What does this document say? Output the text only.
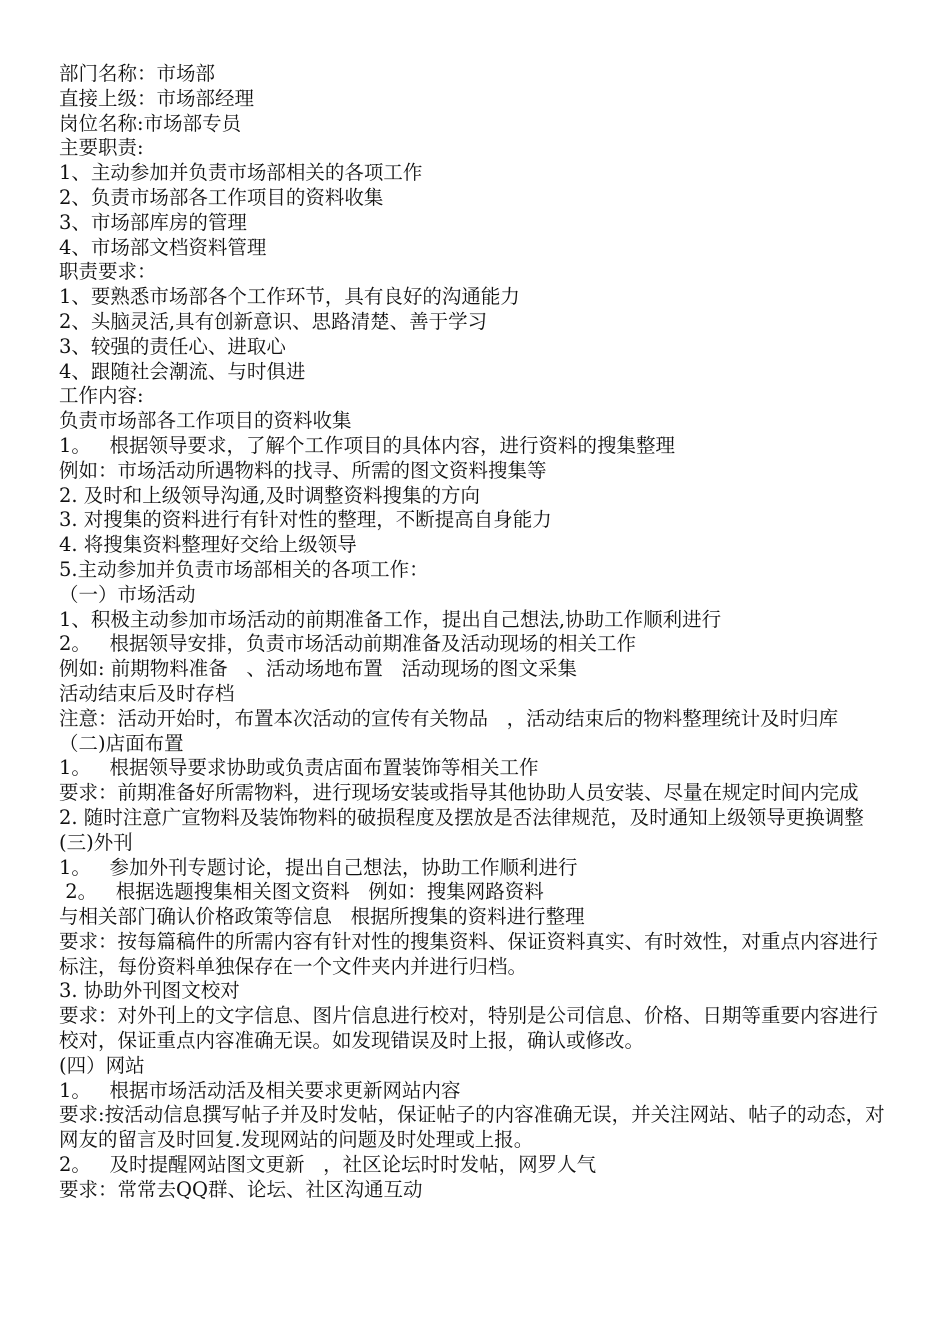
部门名称：市场部

直接上级：市场部经理

岗位名称:市场部专员

主要职责:

1、主动参加并负责市场部相关的各项工作

2、负责市场部各工作项目的资料收集

3、市场部库房的管理

4、市场部文档资料管理

职责要求：

1、要熟悉市场部各个工作环节，具有良好的沟通能力

2、头脑灵活,具有创新意识、思路清楚、善于学习

3、较强的责任心、进取心

4、跟随社会潮流、与时俱进

工作内容:

负责市场部各工作项目的资料收集

1。   根据领导要求，了解个工作项目的具体内容，进行资料的搜集整理

例如：市场活动所遇物料的找寻、所需的图文资料搜集等

2. 及时和上级领导沟通,及时调整资料搜集的方向

3. 对搜集的资料进行有针对性的整理，不断提高自身能力

4. 将搜集资料整理好交给上级领导

5.主动参加并负责市场部相关的各项工作：

（一）市场活动

1、积极主动参加市场活动的前期准备工作，提出自己想法,协助工作顺利进行

2。   根据领导安排，负责市场活动前期准备及活动现场的相关工作

例如: 前期物料准备   、活动场地布置   活动现场的图文采集

活动结束后及时存档

注意：活动开始时，布置本次活动的宣传有关物品   ，活动结束后的物料整理统计及时归库

（二)店面布置

1。   根据领导要求协助或负责店面布置装饰等相关工作

要求：前期准备好所需物料，进行现场安装或指导其他协助人员安装、尽量在规定时间内完成

2. 随时注意广宣物料及装饰物料的破损程度及摆放是否法律规范，及时通知上级领导更换调整

(三)外刊

1。   参加外刊专题讨论，提出自己想法，协助工作顺利进行

2。   根据选题搜集相关图文资料   例如：搜集网路资料

与相关部门确认价格政策等信息   根据所搜集的资料进行整理

要求：按每篇稿件的所需内容有针对性的搜集资料、保证资料真实、有时效性，对重点内容进行标注，每份资料单独保存在一个文件夹内并进行归档。

3. 协助外刊图文校对

要求：对外刊上的文字信息、图片信息进行校对，特别是公司信息、价格、日期等重要内容进行校对，保证重点内容准确无误。如发现错误及时上报，确认或修改。

(四）网站

1。   根据市场活动活及相关要求更新网站内容

要求:按活动信息撰写帖子并及时发帖，保证帖子的内容准确无误，并关注网站、帖子的动态，对网友的留言及时回复.发现网站的问题及时处理或上报。

2。   及时提醒网站图文更新   ，社区论坛时时发帖，网罗人气

要求：常常去QQ群、论坛、社区沟通互动
